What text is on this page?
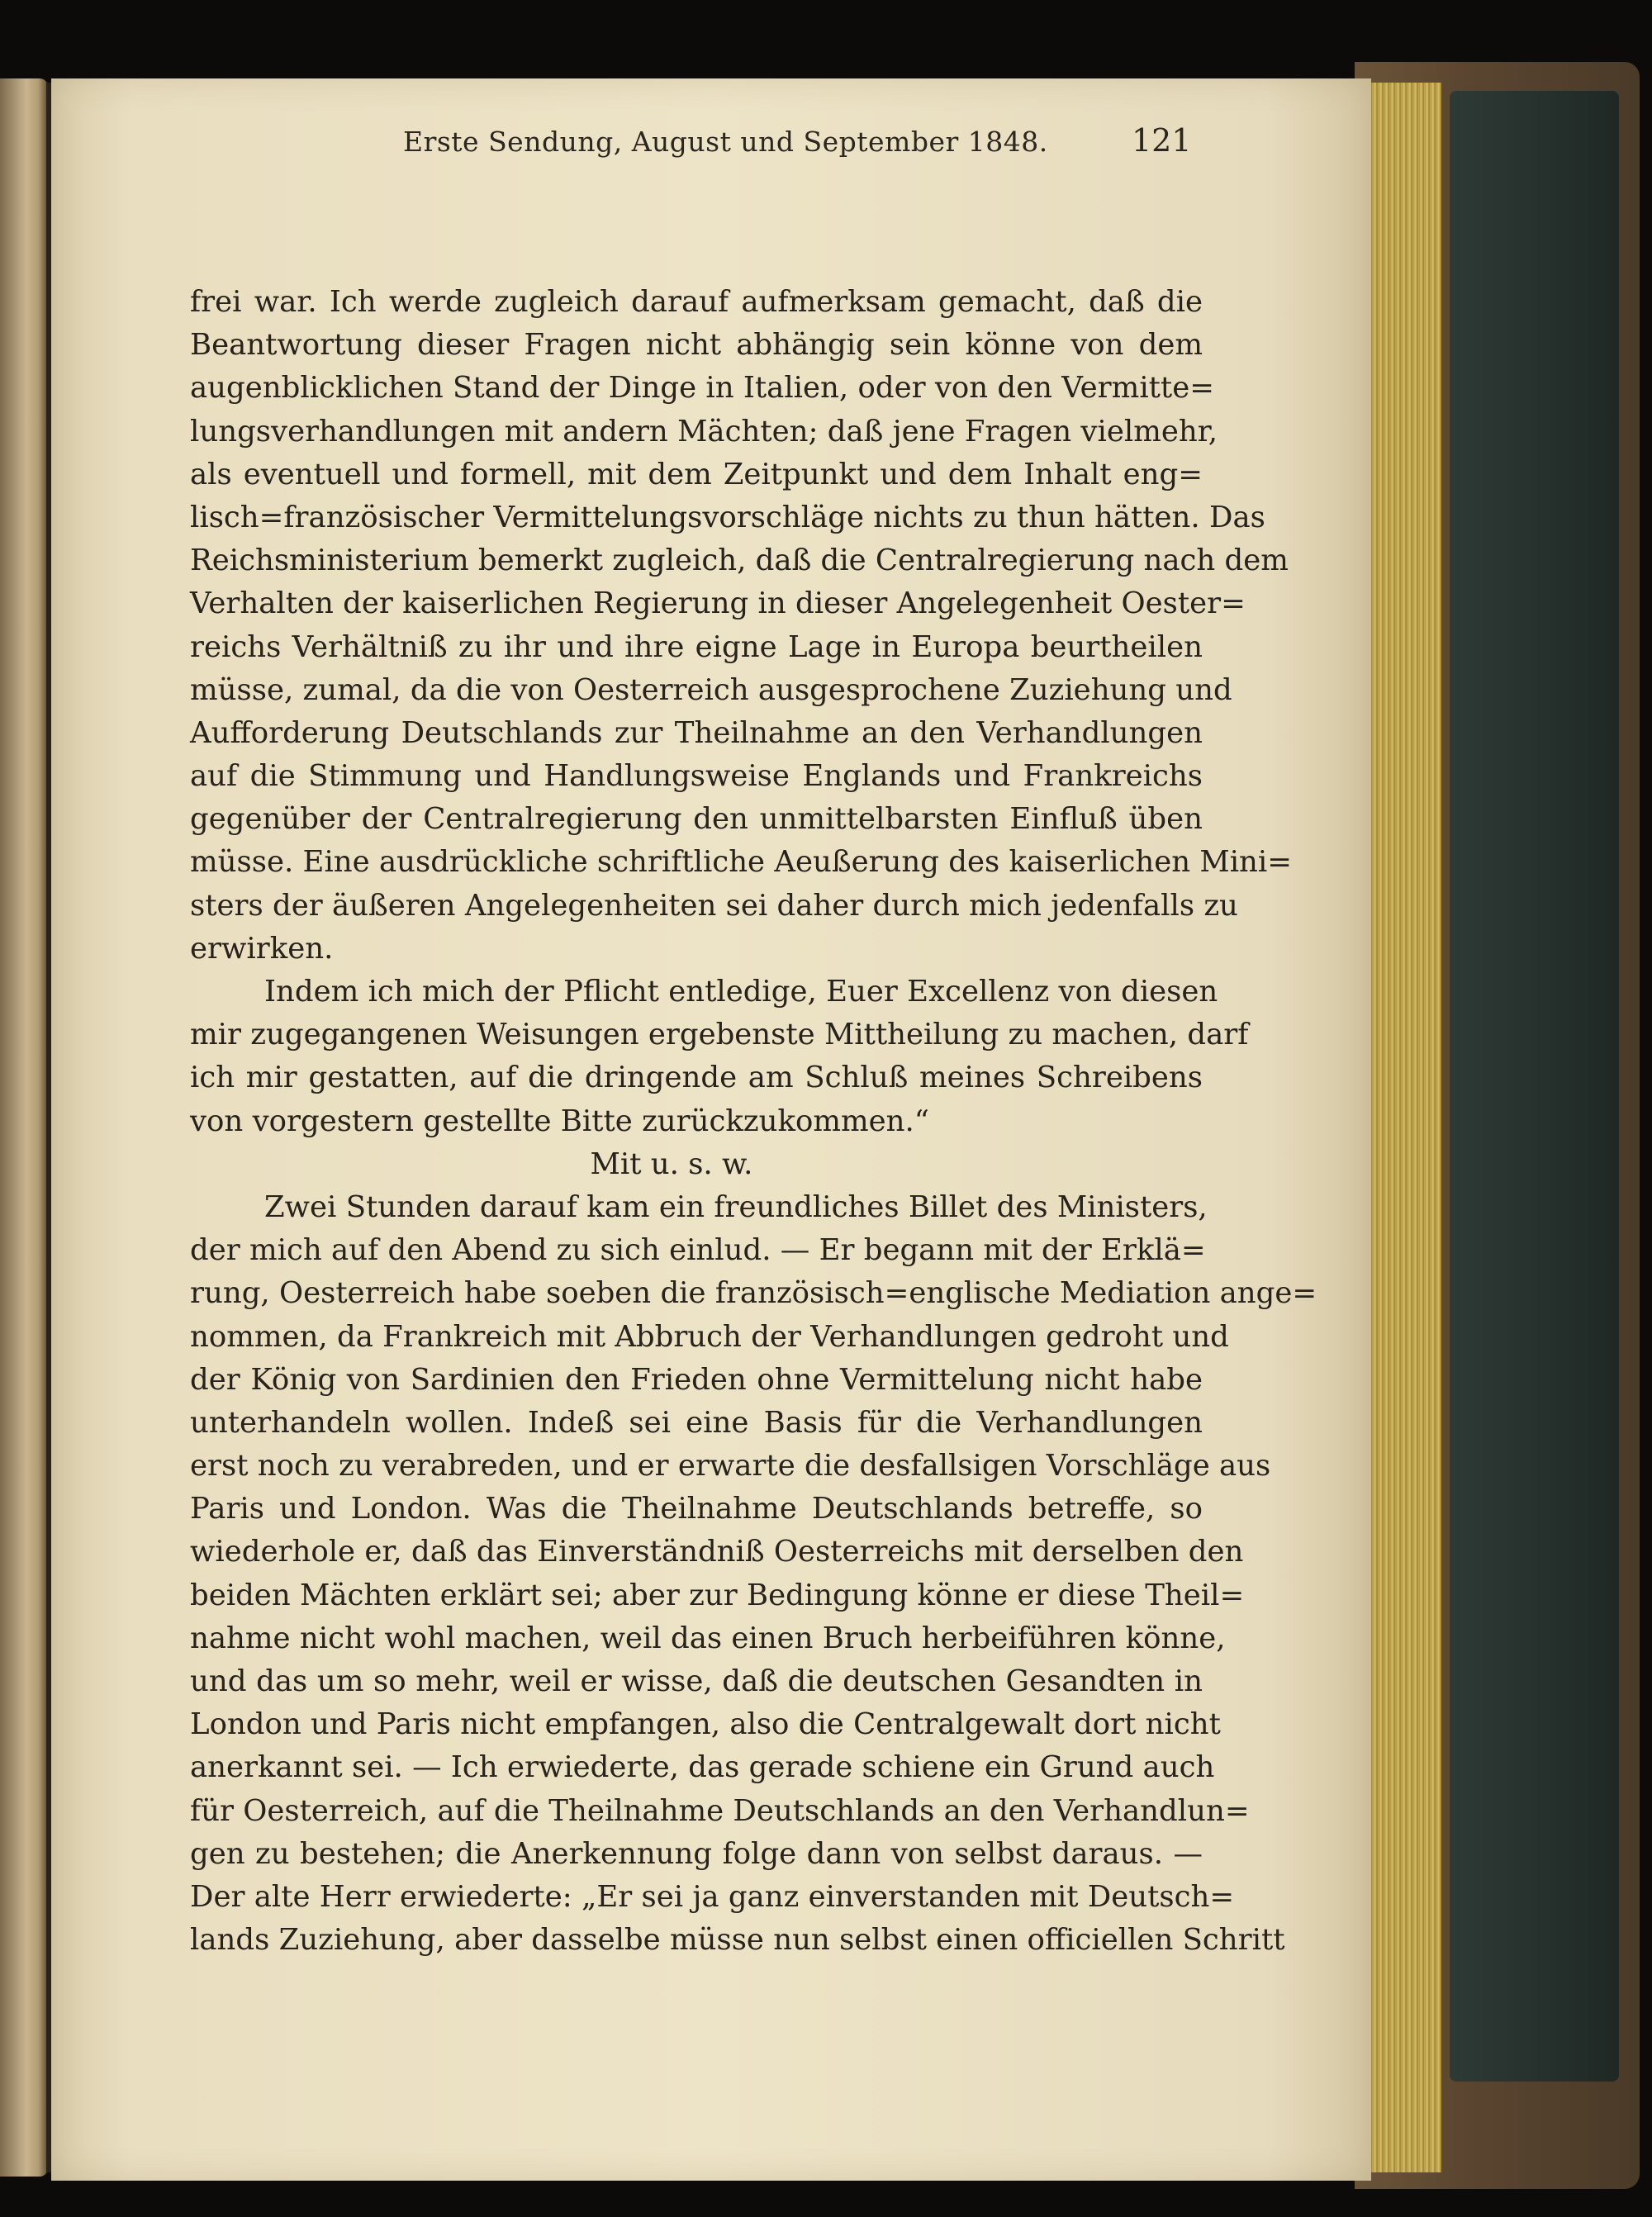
Erste Sendung, August und September 1848.	121
frei war. Ich werde zugleich darauf aufmerksam gemacht, daß die
Beantwortung dieser Fragen nicht abhängig sein könne von dem
augenblicklichen Stand der Dinge in Italien, oder von den Vermitte=
lungsverhandlungen mit andern Mächten; daß jene Fragen vielmehr,
als eventuell und formell, mit dem Zeitpunkt und dem Inhalt eng=
lisch=französischer Vermittelungsvorschläge nichts zu thun hätten. Das
Reichsministerium bemerkt zugleich, daß die Centralregierung nach dem
Verhalten der kaiserlichen Regierung in dieser Angelegenheit Oester=
reichs Verhältniß zu ihr und ihre eigne Lage in Europa beurtheilen
müsse, zumal, da die von Oesterreich ausgesprochene Zuziehung und
Aufforderung Deutschlands zur Theilnahme an den Verhandlungen
auf die Stimmung und Handlungsweise Englands und Frankreichs
gegenüber der Centralregierung den unmittelbarsten Einfluß üben
müsse. Eine ausdrückliche schriftliche Aeußerung des kaiserlichen Mini=
sters der äußeren Angelegenheiten sei daher durch mich jedenfalls zu
erwirken.
Indem ich mich der Pflicht entledige, Euer Excellenz von diesen
mir zugegangenen Weisungen ergebenste Mittheilung zu machen, darf
ich mir gestatten, auf die dringende am Schluß meines Schreibens
von vorgestern gestellte Bitte zurückzukommen.“
Mit u. s. w.
Zwei Stunden darauf kam ein freundliches Billet des Ministers,
der mich auf den Abend zu sich einlud. — Er begann mit der Erklä=
rung, Oesterreich habe soeben die französisch=englische Mediation ange=
nommen, da Frankreich mit Abbruch der Verhandlungen gedroht und
der König von Sardinien den Frieden ohne Vermittelung nicht habe
unterhandeln wollen. Indeß sei eine Basis für die Verhandlungen
erst noch zu verabreden, und er erwarte die desfallsigen Vorschläge aus
Paris und London. Was die Theilnahme Deutschlands betreffe, so
wiederhole er, daß das Einverständniß Oesterreichs mit derselben den
beiden Mächten erklärt sei; aber zur Bedingung könne er diese Theil=
nahme nicht wohl machen, weil das einen Bruch herbeiführen könne,
und das um so mehr, weil er wisse, daß die deutschen Gesandten in
London und Paris nicht empfangen, also die Centralgewalt dort nicht
anerkannt sei. — Ich erwiederte, das gerade schiene ein Grund auch
für Oesterreich, auf die Theilnahme Deutschlands an den Verhandlun=
gen zu bestehen; die Anerkennung folge dann von selbst daraus. —
Der alte Herr erwiederte: „Er sei ja ganz einverstanden mit Deutsch=
lands Zuziehung, aber dasselbe müsse nun selbst einen officiellen Schritt
